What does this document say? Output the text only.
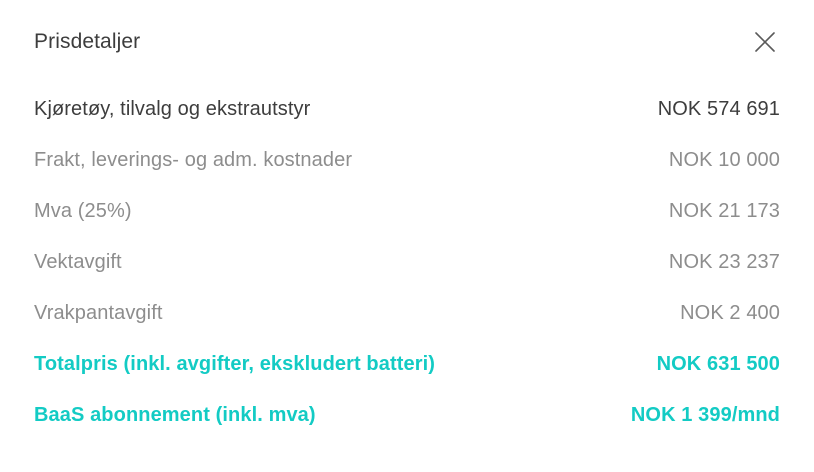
Prisdetaljer
Kjøretøy, tilvalg og ekstrautstyr	NOK 574 691
Frakt, leverings- og adm. kostnader	NOK 10 000
Mva (25%)	NOK 21 173
Vektavgift	NOK 23 237
Vrakpantavgift	NOK 2 400
Totalpris (inkl. avgifter, ekskludert batteri)	NOK 631 500
BaaS abonnement (inkl. mva)	NOK 1 399/mnd
